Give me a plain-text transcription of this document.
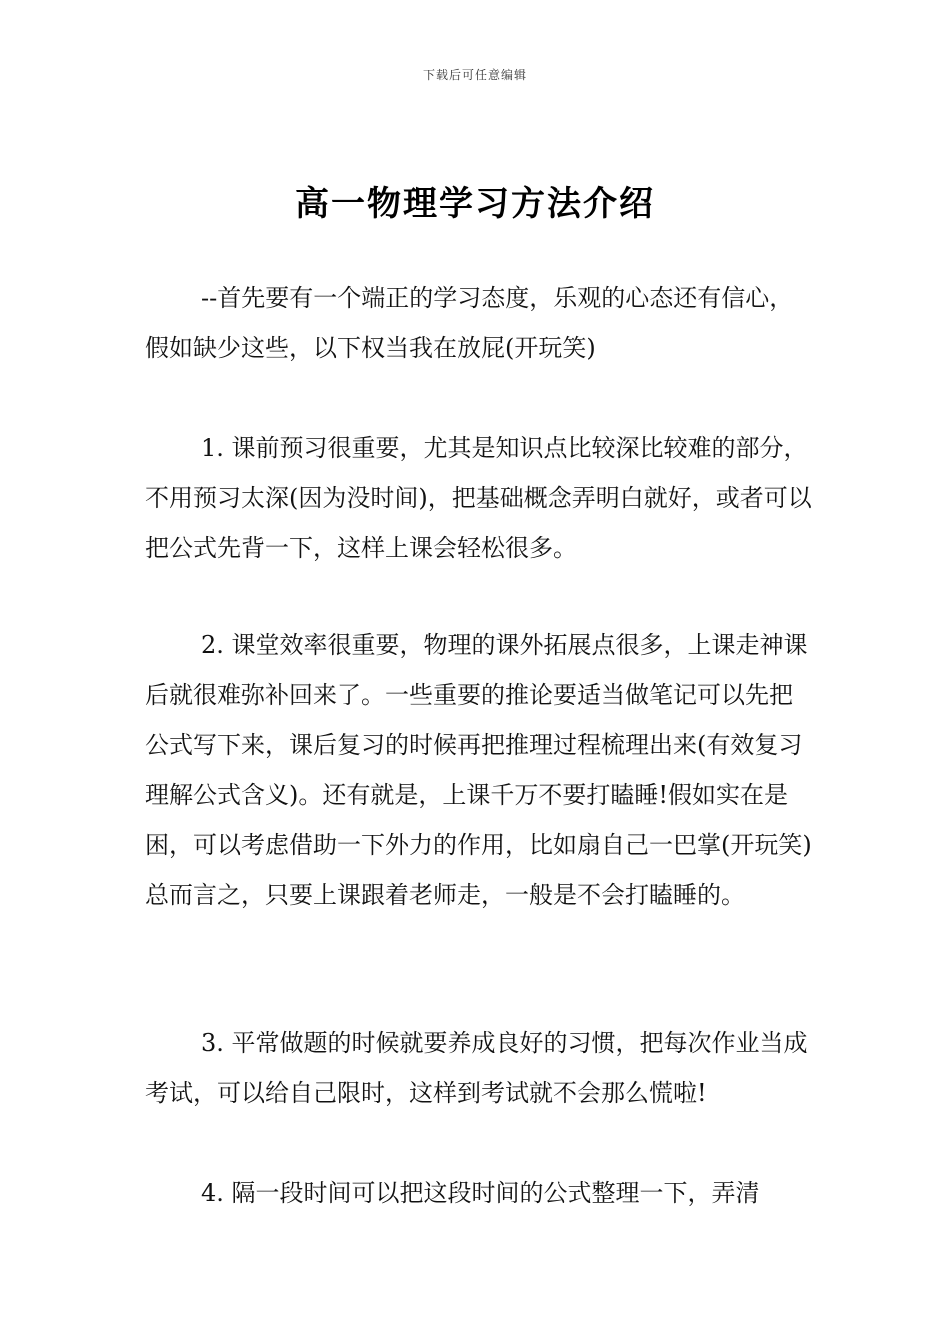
下载后可任意编辑
高一物理学习方法介绍

--首先要有一个端正的学习态度，乐观的心态还有信心，假如缺少这些，以下权当我在放屁(开玩笑)

1. 课前预习很重要，尤其是知识点比较深比较难的部分，不用预习太深(因为没时间)，把基础概念弄明白就好，或者可以把公式先背一下，这样上课会轻松很多。

2. 课堂效率很重要，物理的课外拓展点很多，上课走神课后就很难弥补回来了。一些重要的推论要适当做笔记可以先把公式写下来，课后复习的时候再把推理过程梳理出来(有效复习理解公式含义)。还有就是，上课千万不要打瞌睡!假如实在是困，可以考虑借助一下外力的作用，比如扇自己一巴掌(开玩笑)总而言之，只要上课跟着老师走，一般是不会打瞌睡的。

3. 平常做题的时候就要养成良好的习惯，把每次作业当成考试，可以给自己限时，这样到考试就不会那么慌啦!

4. 隔一段时间可以把这段时间的公式整理一下，弄清
